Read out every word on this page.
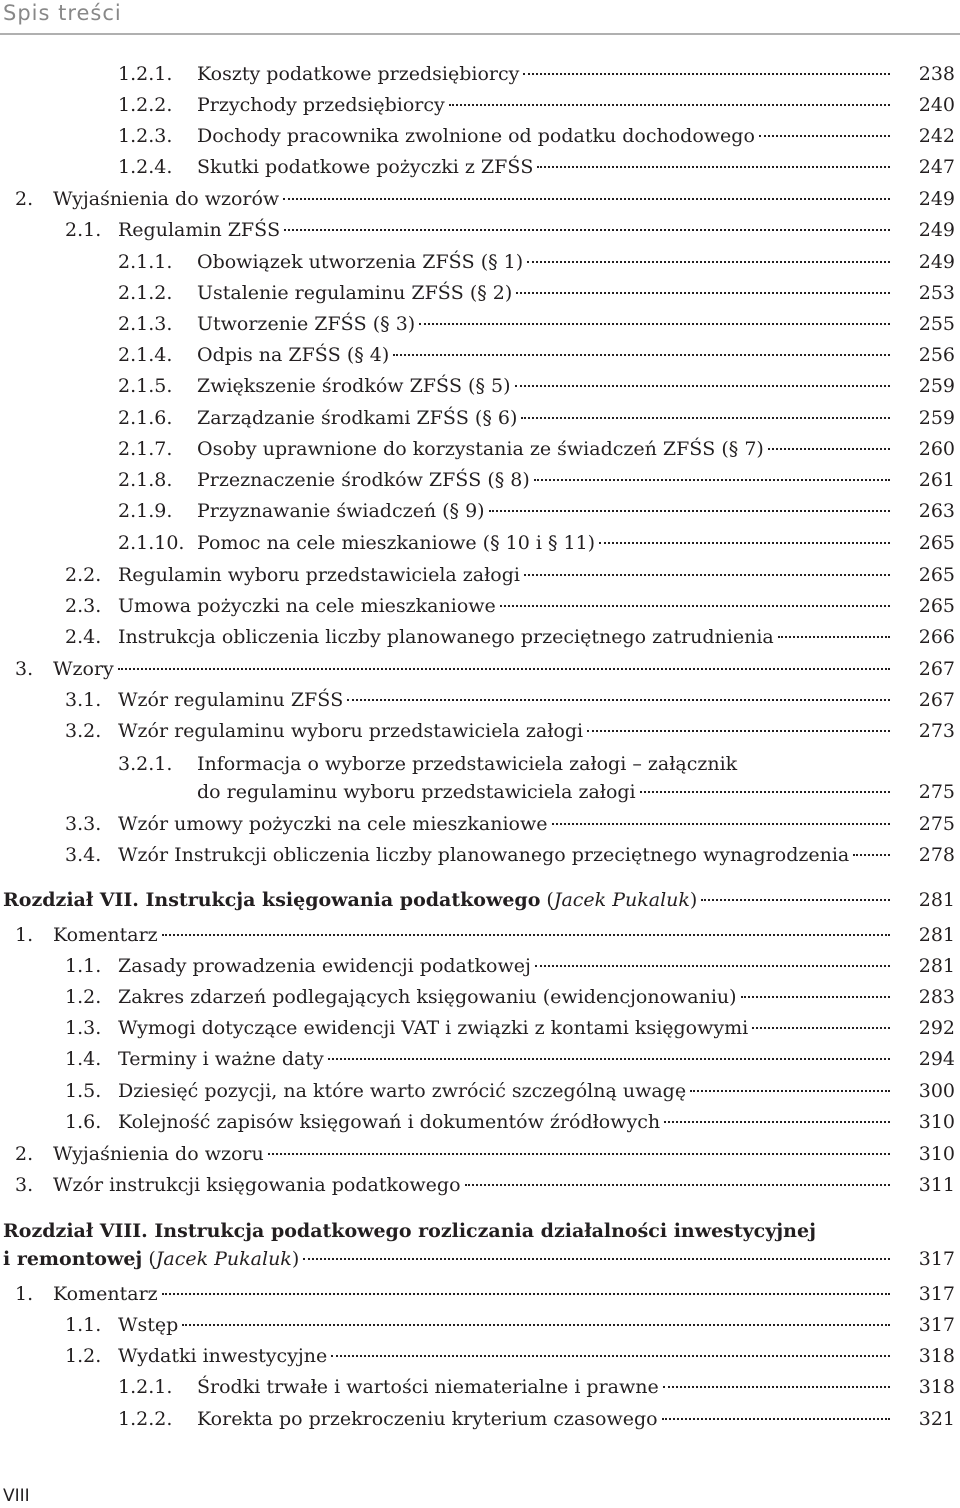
Spis treści
1.2.1. Koszty podatkowe przedsiębiorcy	238
1.2.2. Przychody przedsiębiorcy	240
1.2.3. Dochody pracownika zwolnione od podatku dochodowego	242
1.2.4. Skutki podatkowe pożyczki z ZFŚS	247
2. Wyjaśnienia do wzorów	249
2.1. Regulamin ZFŚS	249
2.1.1. Obowiązek utworzenia ZFŚS (§ 1)	249
2.1.2. Ustalenie regulaminu ZFŚS (§ 2)	253
2.1.3. Utworzenie ZFŚS (§ 3)	255
2.1.4. Odpis na ZFŚS (§ 4)	256
2.1.5. Zwiększenie środków ZFŚS (§ 5)	259
2.1.6. Zarządzanie środkami ZFŚS (§ 6)	259
2.1.7. Osoby uprawnione do korzystania ze świadczeń ZFŚS (§ 7)	260
2.1.8. Przeznaczenie środków ZFŚS (§ 8)	261
2.1.9. Przyznawanie świadczeń (§ 9)	263
2.1.10. Pomoc na cele mieszkaniowe (§ 10 i § 11)	265
2.2. Regulamin wyboru przedstawiciela załogi	265
2.3. Umowa pożyczki na cele mieszkaniowe	265
2.4. Instrukcja obliczenia liczby planowanego przeciętnego zatrudnienia	266
3. Wzory	267
3.1. Wzór regulaminu ZFŚS	267
3.2. Wzór regulaminu wyboru przedstawiciela załogi	273
3.2.1. Informacja o wyborze przedstawiciela załogi – załącznik
do regulaminu wyboru przedstawiciela załogi	275
3.3. Wzór umowy pożyczki na cele mieszkaniowe	275
3.4. Wzór Instrukcji obliczenia liczby planowanego przeciętnego wynagrodzenia	278
Rozdział VII. Instrukcja księgowania podatkowego (Jacek Pukaluk)	281
1. Komentarz	281
1.1. Zasady prowadzenia ewidencji podatkowej	281
1.2. Zakres zdarzeń podlegających księgowaniu (ewidencjonowaniu)	283
1.3. Wymogi dotyczące ewidencji VAT i związki z kontami księgowymi	292
1.4. Terminy i ważne daty	294
1.5. Dziesięć pozycji, na które warto zwrócić szczególną uwagę	300
1.6. Kolejność zapisów księgowań i dokumentów źródłowych	310
2. Wyjaśnienia do wzoru	310
3. Wzór instrukcji księgowania podatkowego	311
Rozdział VIII. Instrukcja podatkowego rozliczania działalności inwestycyjnej
i remontowej (Jacek Pukaluk)	317
1. Komentarz	317
1.1. Wstęp	317
1.2. Wydatki inwestycyjne	318
1.2.1. Środki trwałe i wartości niematerialne i prawne	318
1.2.2. Korekta po przekroczeniu kryterium czasowego	321
VIII
